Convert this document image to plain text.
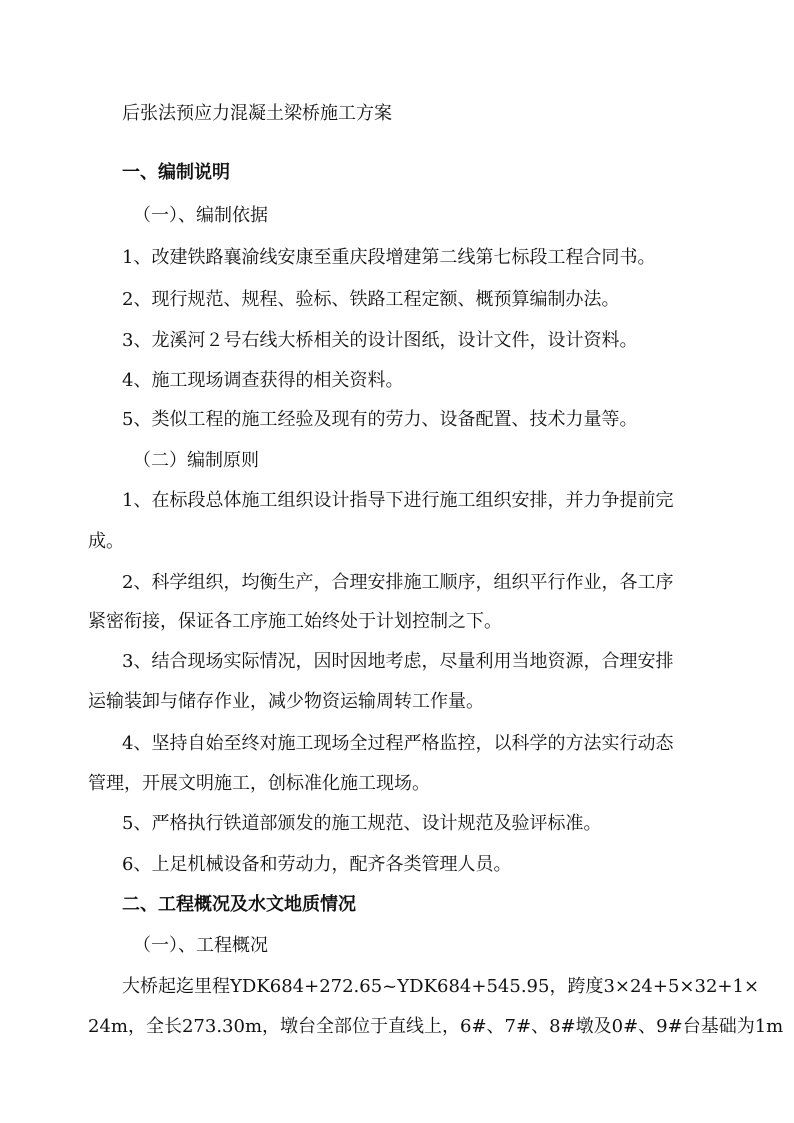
后张法预应力混凝土梁桥施工方案
一、编制说明
（一）、编制依据
1、改建铁路襄渝线安康至重庆段增建第二线第七标段工程合同书。
2、现行规范、规程、验标、铁路工程定额、概预算编制办法。
3、龙溪河２号右线大桥相关的设计图纸，设计文件，设计资料。
4、施工现场调查获得的相关资料。
5、类似工程的施工经验及现有的劳力、设备配置、技术力量等。
（二）编制原则
1、在标段总体施工组织设计指导下进行施工组织安排，并力争提前完
成。
2、科学组织，均衡生产，合理安排施工顺序，组织平行作业，各工序
紧密衔接，保证各工序施工始终处于计划控制之下。
3、结合现场实际情况，因时因地考虑，尽量利用当地资源，合理安排
运输装卸与储存作业，减少物资运输周转工作量。
4、坚持自始至终对施工现场全过程严格监控，以科学的方法实行动态
管理，开展文明施工，创标准化施工现场。
5、严格执行铁道部颁发的施工规范、设计规范及验评标准。
6、上足机械设备和劳动力，配齐各类管理人员。
二、工程概况及水文地质情况
（一）、工程概况
大桥起迄里程YDK684+272.65~YDK684+545.95，跨度3×24+5×32+1×
24m，全长273.30m，墩台全部位于直线上，6#、7#、8#墩及0#、9#台基础为1m
